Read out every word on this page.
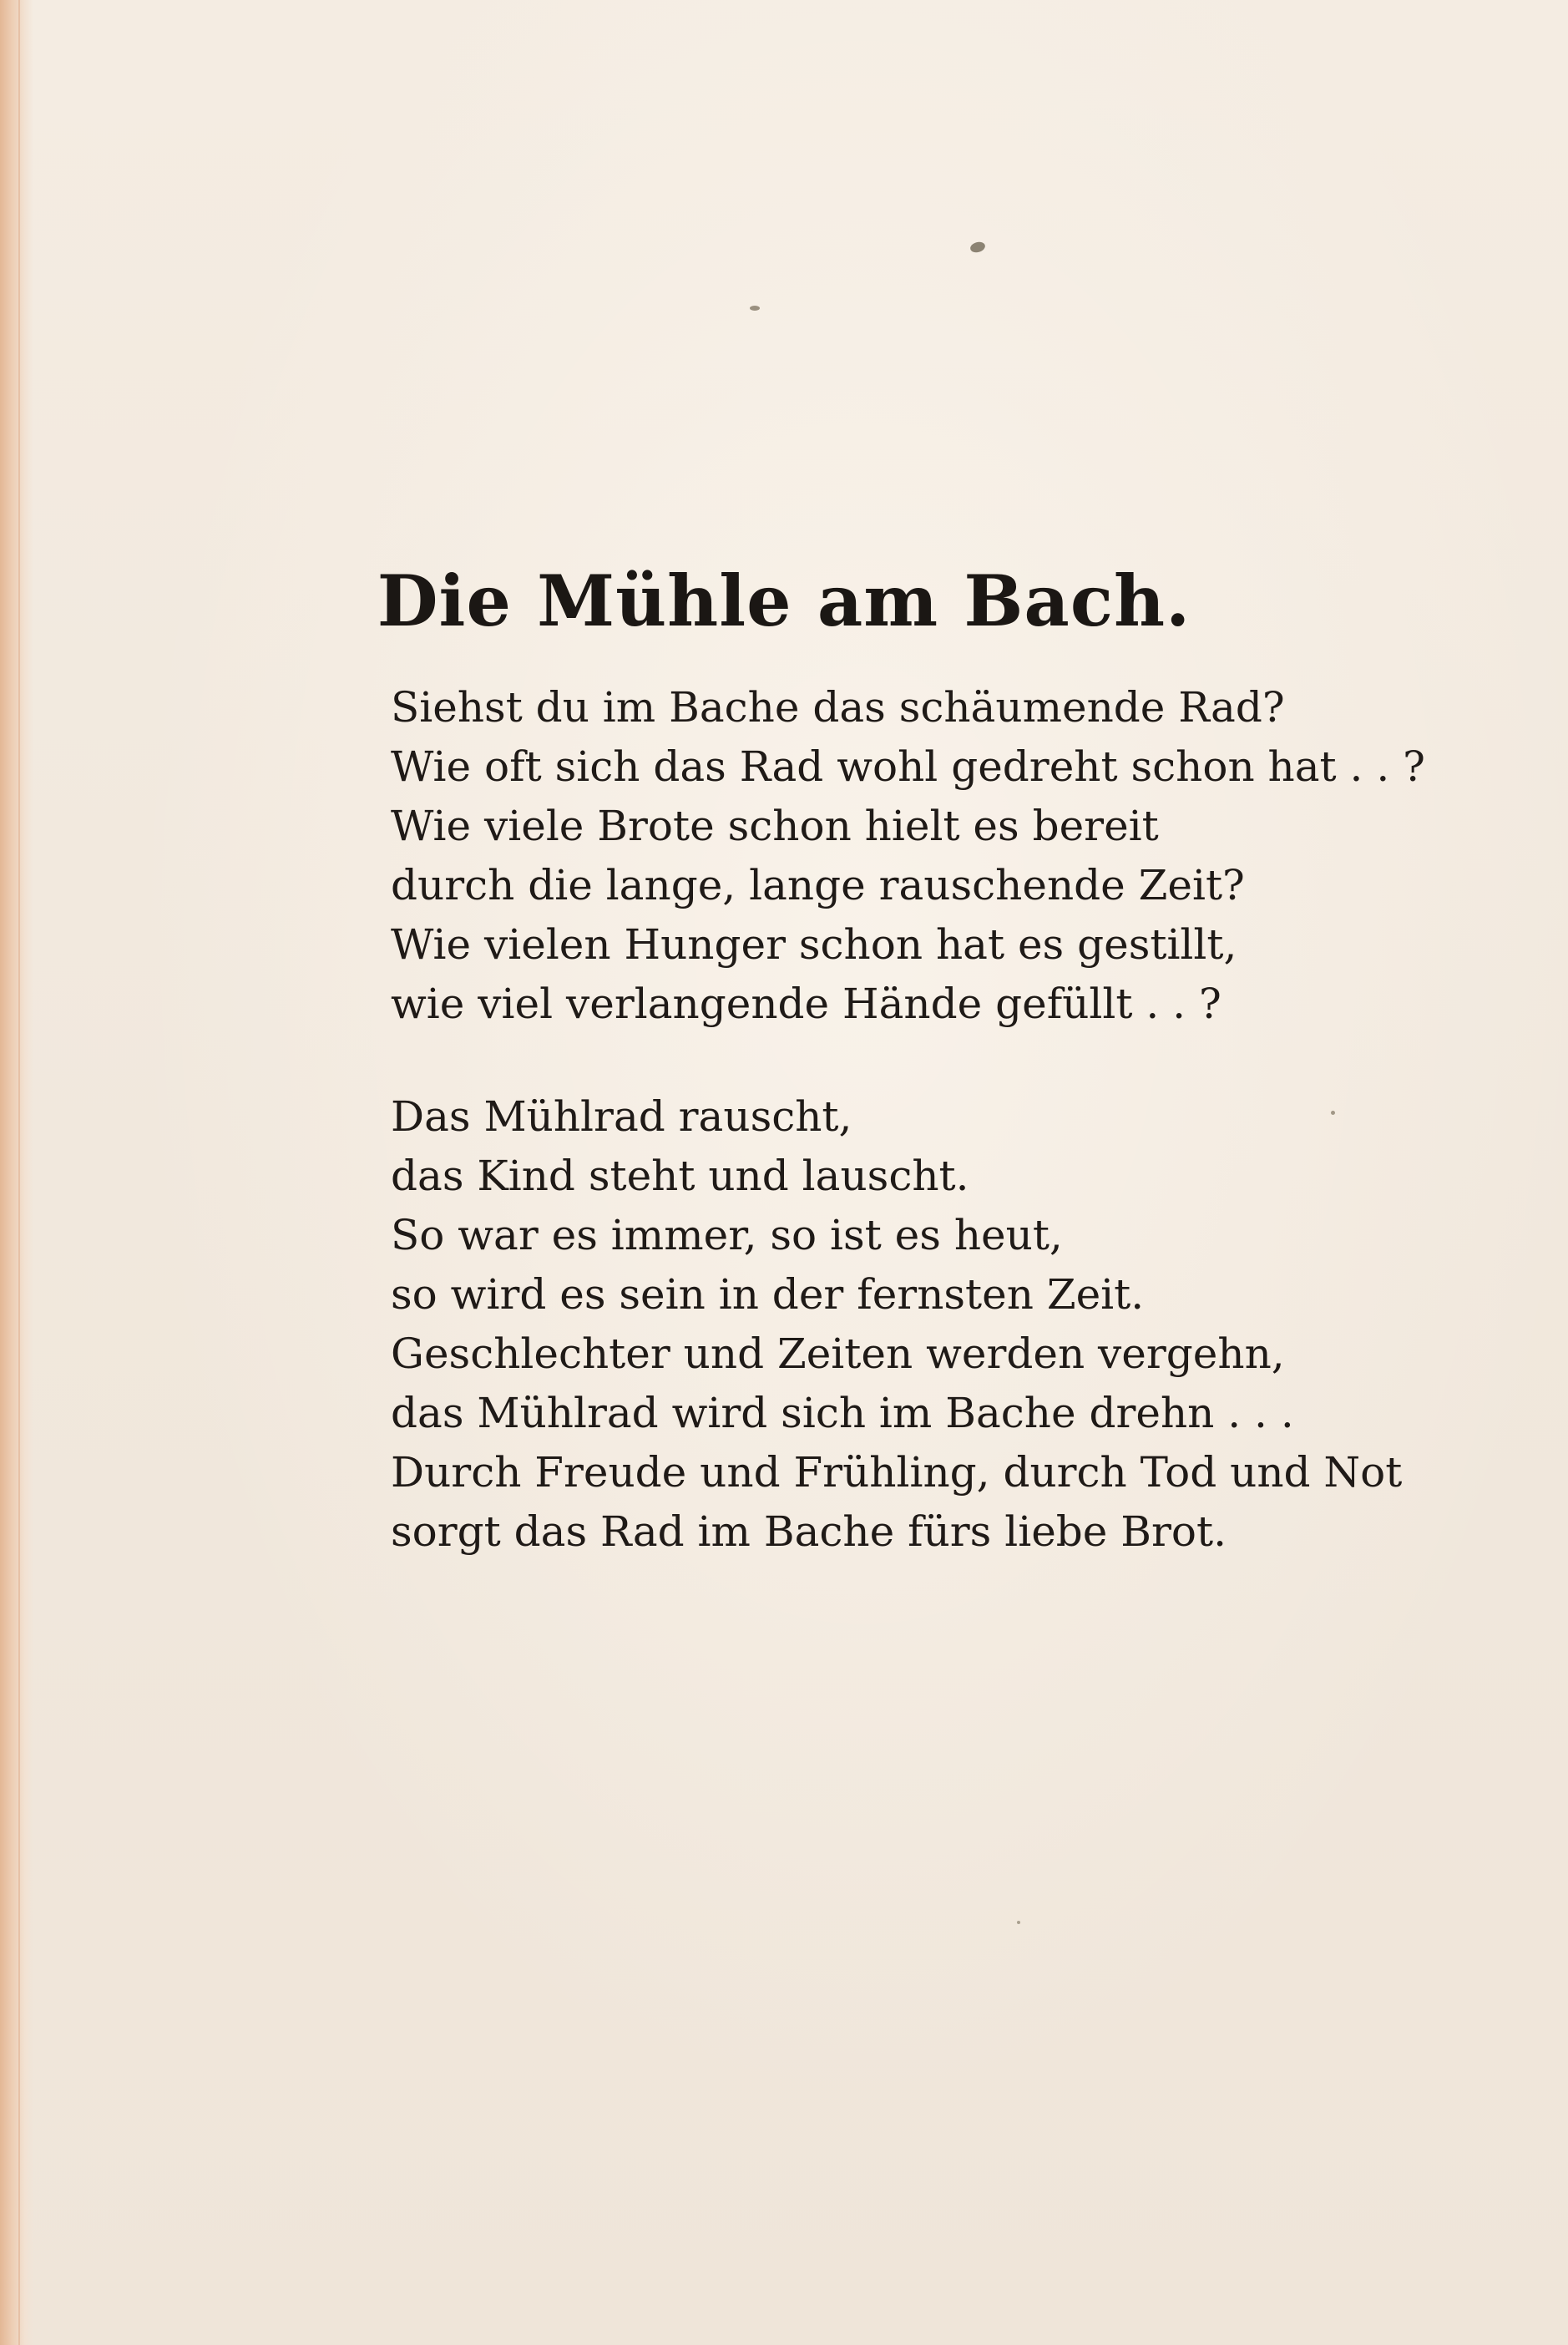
Die Mühle am Bach.
Siehst du im Bache das schäumende Rad?
Wie oft sich das Rad wohl gedreht schon hat . . ?
Wie viele Brote schon hielt es bereit
durch die lange, lange rauschende Zeit?
Wie vielen Hunger schon hat es gestillt,
wie viel verlangende Hände gefüllt . . ?
Das Mühlrad rauscht,
das Kind steht und lauscht.
So war es immer, so ist es heut,
so wird es sein in der fernsten Zeit.
Geschlechter und Zeiten werden vergehn,
das Mühlrad wird sich im Bache drehn . . .
Durch Freude und Frühling, durch Tod und Not
sorgt das Rad im Bache fürs liebe Brot.
